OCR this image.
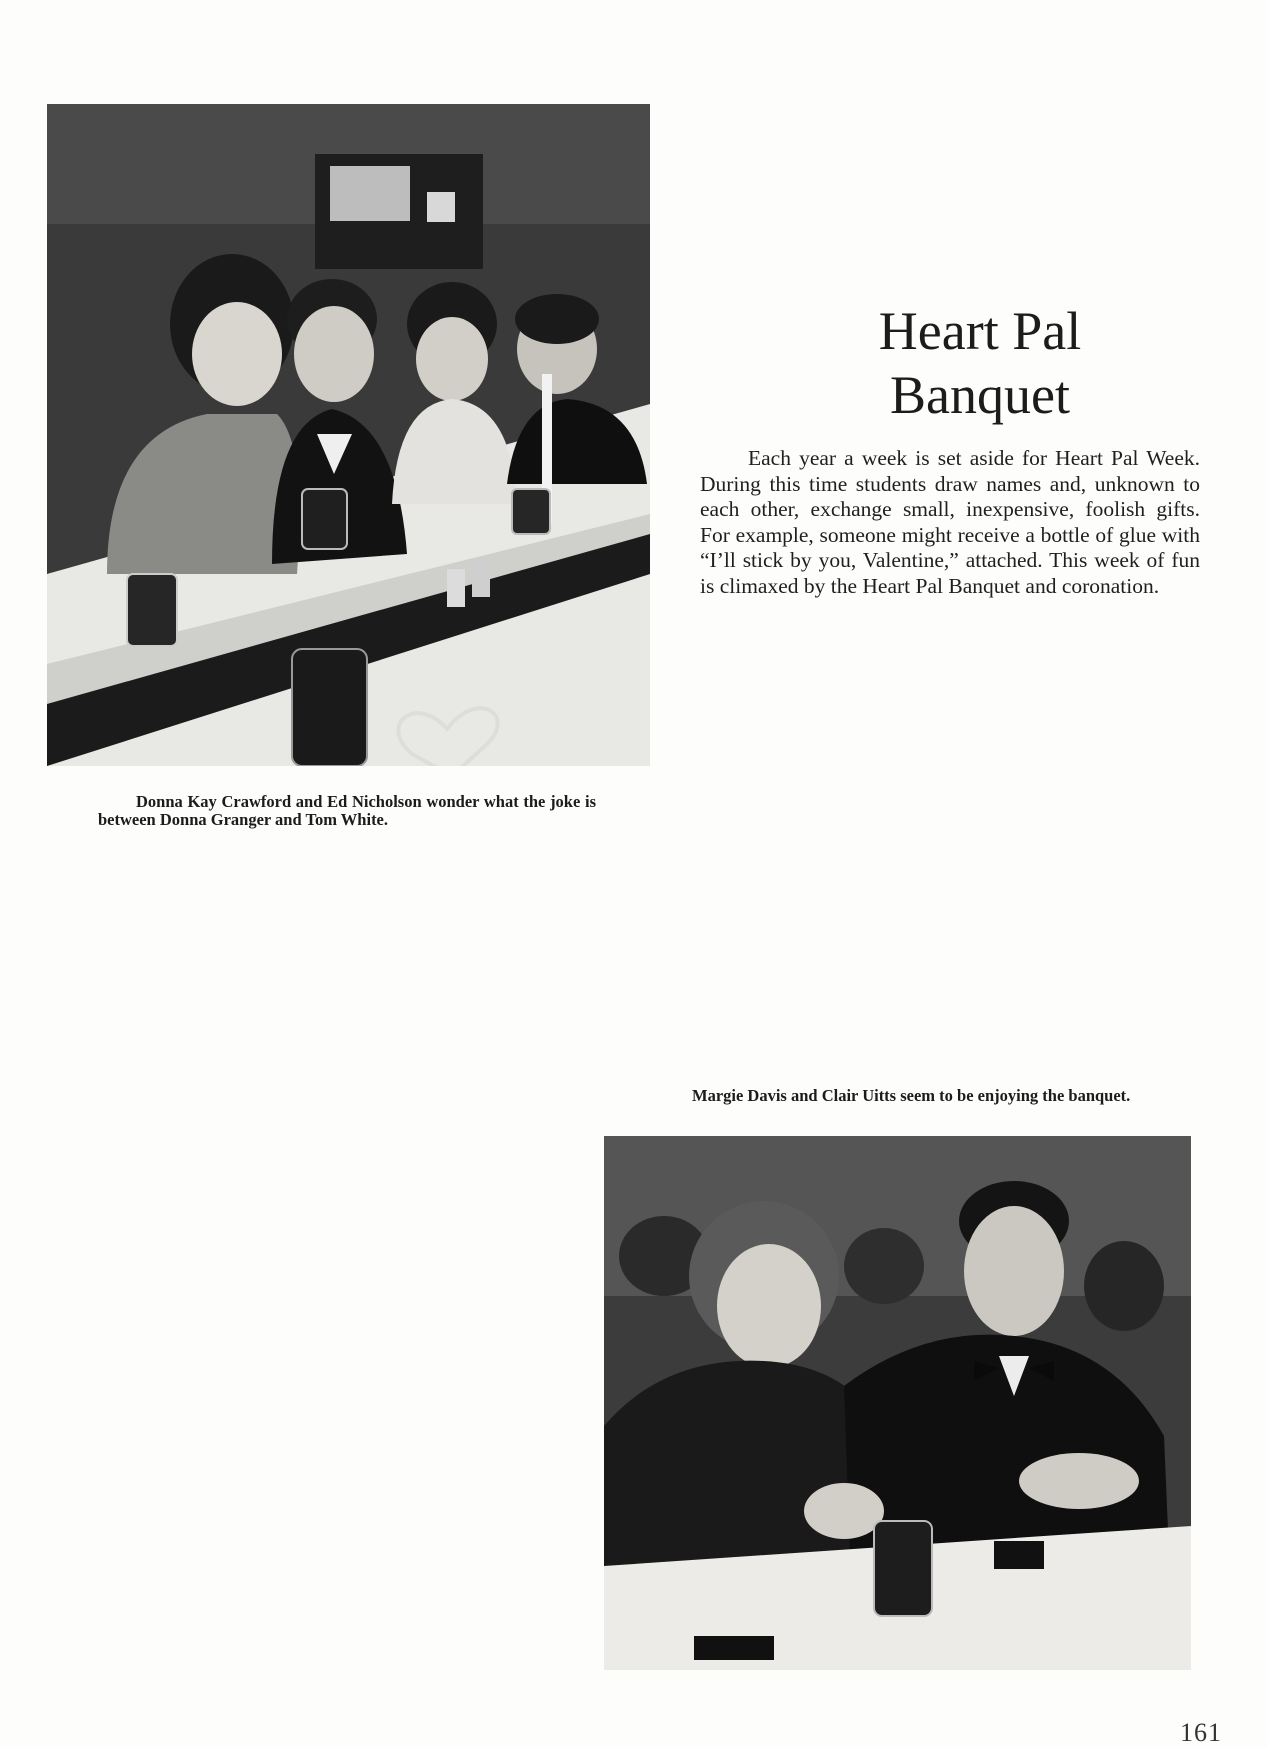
Heart Pal
Banquet

Each year a week is set aside for Heart Pal Week. During this time students draw names and, unknown to each other, exchange small, inexpensive, foolish gifts. For example, someone might receive a bottle of glue with “I’ll stick by you, Valentine,” attached. This week of fun is climaxed by the Heart Pal Banquet and coronation.

Donna Kay Crawford and Ed Nicholson wonder what the joke is between Donna Granger and Tom White.

Margie Davis and Clair Uitts seem to be enjoying the banquet.

161
